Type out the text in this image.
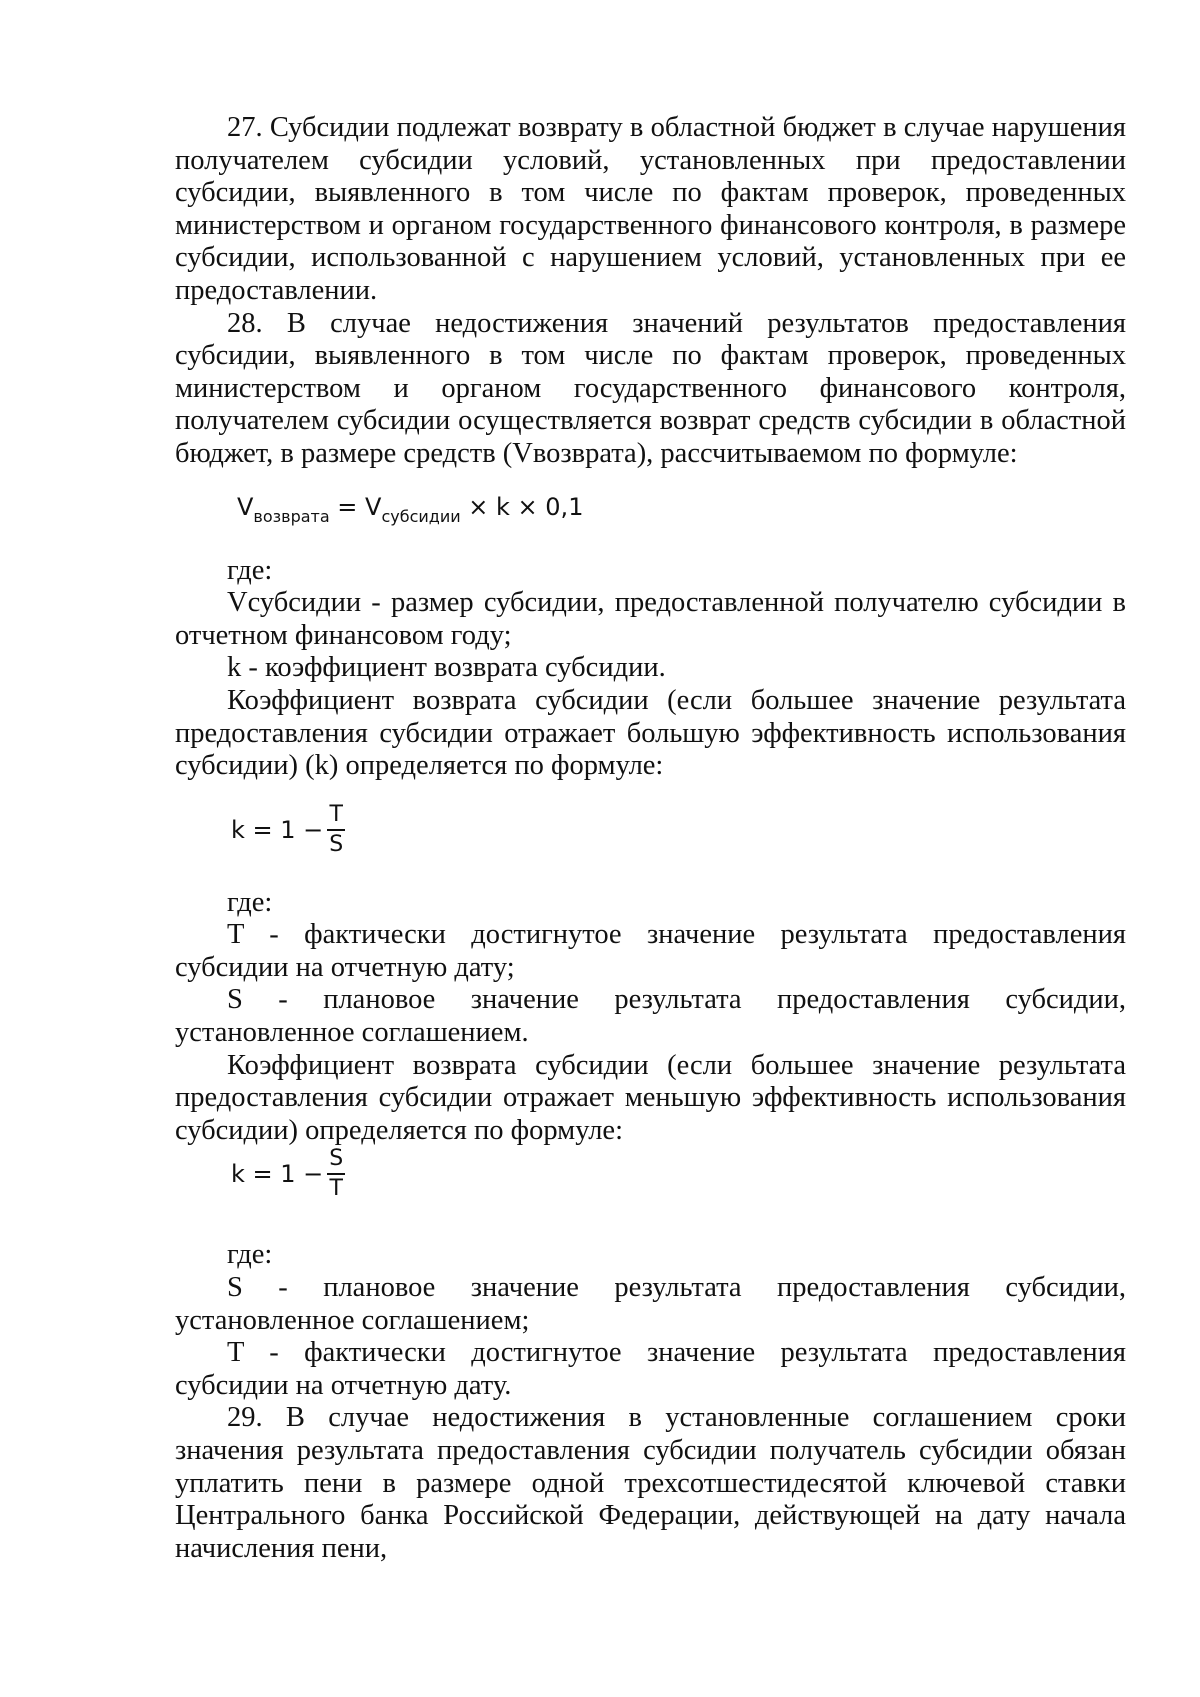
27. Субсидии подлежат возврату в областной бюджет в случае нарушения получателем субсидии условий, установленных при предоставлении субсидии, выявленного в том числе по фактам проверок, проведенных министерством и органом государственного финансового контроля, в размере субсидии, использованной с нарушением условий, установленных при ее предоставлении.

28. В случае недостижения значений результатов предоставления субсидии, выявленного в том числе по фактам проверок, проведенных министерством и органом государственного финансового контроля, получателем субсидии осуществляется возврат средств субсидии в областной бюджет, в размере средств (Vвозврата), рассчитываемом по формуле:

$V_{возврата} = V_{субсидии} \times k \times 0,1$

где:

Vсубсидии - размер субсидии, предоставленной получателю субсидии в отчетном финансовом году;

k - коэффициент возврата субсидии.

Коэффициент возврата субсидии (если большее значение результата предоставления субсидии отражает большую эффективность использования субсидии) (k) определяется по формуле:

$k = 1 - \frac{T}{S}$

где:

T - фактически достигнутое значение результата предоставления субсидии на отчетную дату;

S - плановое значение результата предоставления субсидии, установленное соглашением.

Коэффициент возврата субсидии (если большее значение результата предоставления субсидии отражает меньшую эффективность использования субсидии) определяется по формуле:

$k = 1 - \frac{S}{T}$

где:

S - плановое значение результата предоставления субсидии, установленное соглашением;

T - фактически достигнутое значение результата предоставления субсидии на отчетную дату.

29. В случае недостижения в установленные соглашением сроки значения результата предоставления субсидии получатель субсидии обязан уплатить пени в размере одной трехсотшестидесятой ключевой ставки Центрального банка Российской Федерации, действующей на дату начала начисления пени,
